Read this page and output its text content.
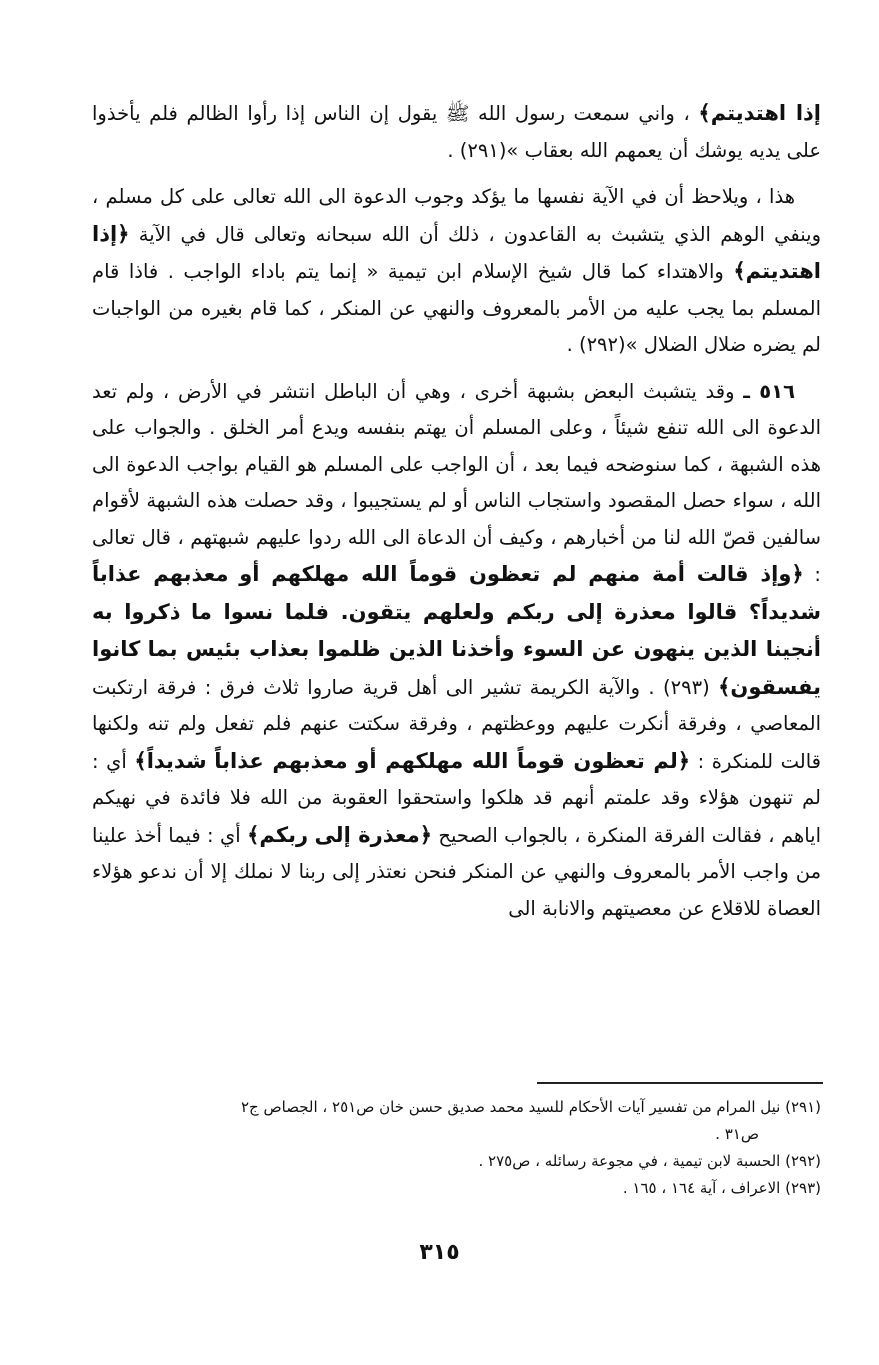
إذا اهتديتم﴾ ، واني سمعت رسول الله ﷺ يقول إن الناس إذا رأوا الظالم فلم يأخذوا على يديه يوشك أن يعمهم الله بعقاب »(٢٩١) .

هذا ، ويلاحظ أن في الآية نفسها ما يؤكد وجوب الدعوة الى الله تعالى على كل مسلم ، وينفي الوهم الذي يتشبث به القاعدون ، ذلك أن الله سبحانه وتعالى قال في الآية ﴿إذا اهتديتم﴾ والاهتداء كما قال شيخ الإسلام ابن تيمية « إنما يتم باداء الواجب . فاذا قام المسلم بما يجب عليه من الأمر بالمعروف والنهي عن المنكر ، كما قام بغيره من الواجبات لم يضره ضلال الضلال »(٢٩٢) .

٥١٦ ـ وقد يتشبث البعض بشبهة أخرى ، وهي أن الباطل انتشر في الأرض ، ولم تعد الدعوة الى الله تنفع شيئاً ، وعلى المسلم أن يهتم بنفسه ويدع أمر الخلق . والجواب على هذه الشبهة ، كما سنوضحه فيما بعد ، أن الواجب على المسلم هو القيام بواجب الدعوة الى الله ، سواء حصل المقصود واستجاب الناس أو لم يستجيبوا ، وقد حصلت هذه الشبهة لأقوام سالفين قصّ الله لنا من أخبارهم ، وكيف أن الدعاة الى الله ردوا عليهم شبهتهم ، قال تعالى : ﴿وإذ قالت أمة منهم لم تعظون قوماً الله مهلكهم أو معذبهم عذاباً شديداً؟ قالوا معذرة إلى ربكم ولعلهم يتقون. فلما نسوا ما ذكروا به أنجينا الذين ينهون عن السوء وأخذنا الذين ظلموا بعذاب بئيس بما كانوا يفسقون﴾ (٢٩٣) . والآية الكريمة تشير الى أهل قرية صاروا ثلاث فرق : فرقة ارتكبت المعاصي ، وفرقة أنكرت عليهم ووعظتهم ، وفرقة سكتت عنهم فلم تفعل ولم تنه ولكنها قالت للمنكرة : ﴿لم تعظون قوماً الله مهلكهم أو معذبهم عذاباً شديداً﴾ أي : لم تنهون هؤلاء وقد علمتم أنهم قد هلكوا واستحقوا العقوبة من الله فلا فائدة في نهيكم اياهم ، فقالت الفرقة المنكرة ، بالجواب الصحيح ﴿معذرة إلى ربكم﴾ أي : فيما أخذ علينا من واجب الأمر بالمعروف والنهي عن المنكر فنحن نعتذر إلى ربنا لا نملك إلا أن ندعو هؤلاء العصاة للاقلاع عن معصيتهم والانابة الى

(٢٩١) نيل المرام من تفسير آيات الأحكام للسيد محمد صديق حسن خان ص٢٥١ ، الجصاص ج٢

ص٣١ .

(٢٩٢) الحسبة لابن تيمية ، في مجوعة رسائله ، ص٢٧٥ .

(٢٩٣) الاعراف ، آية ١٦٤ ، ١٦٥ .

٣١٥
